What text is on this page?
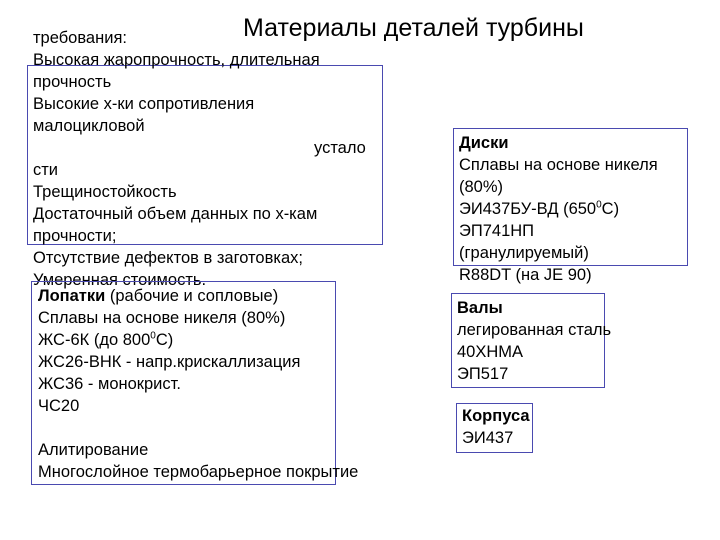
Материалы деталей турбины
требования:
Высокая жаропрочность, длительная
прочность
Высокие х-ки сопротивления
малоцикловой
устало
сти
Трещиностойкость
Достаточный объем данных по х-кам
прочности;
Отсутствие дефектов в заготовках;
Умеренная стоимость.
Лопатки (рабочие и сопловые)
Сплавы на основе никеля (80%)
ЖС-6К (до $800^0С$)
ЖС26-ВНК - напр.крискаллизация
ЖС36 - монокрист.
ЧС20
Алитирование
Многослойное термобарьерное покрытие
Диски
Сплавы на основе никеля
(80%)
ЭИ437БУ-ВД $(650^0С)$
ЭП741НП
(гранулируемый)
R88DT (на JE 90)
Валы
легированная сталь
40ХНМА
ЭП517
Корпуса
ЭИ437
